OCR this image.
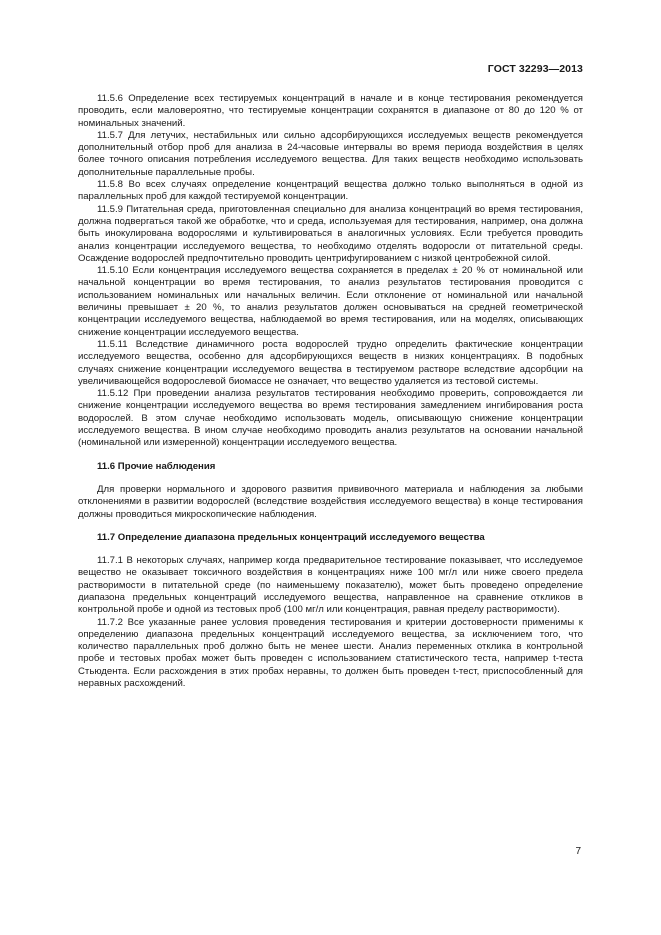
ГОСТ 32293—2013

11.5.6 Определение всех тестируемых концентраций в начале и в конце тестирования рекомендуется проводить, если маловероятно, что тестируемые концентрации сохранятся в диапазоне от 80 до 120 % от номинальных значений.

11.5.7 Для летучих, нестабильных или сильно адсорбирующихся исследуемых веществ рекомендуется дополнительный отбор проб для анализа в 24-часовые интервалы во время периода воздействия в целях более точного описания потребления исследуемого вещества. Для таких веществ необходимо использовать дополнительные параллельные пробы.

11.5.8 Во всех случаях определение концентраций вещества должно только выполняться в одной из параллельных проб для каждой тестируемой концентрации.

11.5.9 Питательная среда, приготовленная специально для анализа концентраций во время тестирования, должна подвергаться такой же обработке, что и среда, используемая для тестирования, например, она должна быть инокулирована водорослями и культивироваться в аналогичных условиях. Если требуется проводить анализ концентрации исследуемого вещества, то необходимо отделять водоросли от питательной среды. Осаждение водорослей предпочтительно проводить центрифугированием с низкой центробежной силой.

11.5.10 Если концентрация исследуемого вещества сохраняется в пределах ± 20 % от номинальной или начальной концентрации во время тестирования, то анализ результатов тестирования проводится с использованием номинальных или начальных величин. Если отклонение от номинальной или начальной величины превышает ± 20 %, то анализ результатов должен основываться на средней геометрической концентрации исследуемого вещества, наблюдаемой во время тестирования, или на моделях, описывающих снижение концентрации исследуемого вещества.

11.5.11 Вследствие динамичного роста водорослей трудно определить фактические концентрации исследуемого вещества, особенно для адсорбирующихся веществ в низких концентрациях. В подобных случаях снижение концентрации исследуемого вещества в тестируемом растворе вследствие адсорбции на увеличивающейся водорослевой биомассе не означает, что вещество удаляется из тестовой системы.

11.5.12 При проведении анализа результатов тестирования необходимо проверить, сопровождается ли снижение концентрации исследуемого вещества во время тестирования замедлением ингибирования роста водорослей. В этом случае необходимо использовать модель, описывающую снижение концентрации исследуемого вещества. В ином случае необходимо проводить анализ результатов на основании начальной (номинальной или измеренной) концентрации исследуемого вещества.

11.6 Прочие наблюдения

Для проверки нормального и здорового развития прививочного материала и наблюдения за любыми отклонениями в развитии водорослей (вследствие воздействия исследуемого вещества) в конце тестирования должны проводиться микроскопические наблюдения.

11.7 Определение диапазона предельных концентраций исследуемого вещества

11.7.1 В некоторых случаях, например когда предварительное тестирование показывает, что исследуемое вещество не оказывает токсичного воздействия в концентрациях ниже 100 мг/л или ниже своего предела растворимости в питательной среде (по наименьшему показателю), может быть проведено определение диапазона предельных концентраций исследуемого вещества, направленное на сравнение откликов в контрольной пробе и одной из тестовых проб (100 мг/л или концентрация, равная пределу растворимости).

11.7.2 Все указанные ранее условия проведения тестирования и критерии достоверности применимы к определению диапазона предельных концентраций исследуемого вещества, за исключением того, что количество параллельных проб должно быть не менее шести. Анализ переменных отклика в контрольной пробе и тестовых пробах может быть проведен с использованием статистического теста, например t-теста Стьюдента. Если расхождения в этих пробах неравны, то должен быть проведен t-тест, приспособленный для неравных расхождений.

7
